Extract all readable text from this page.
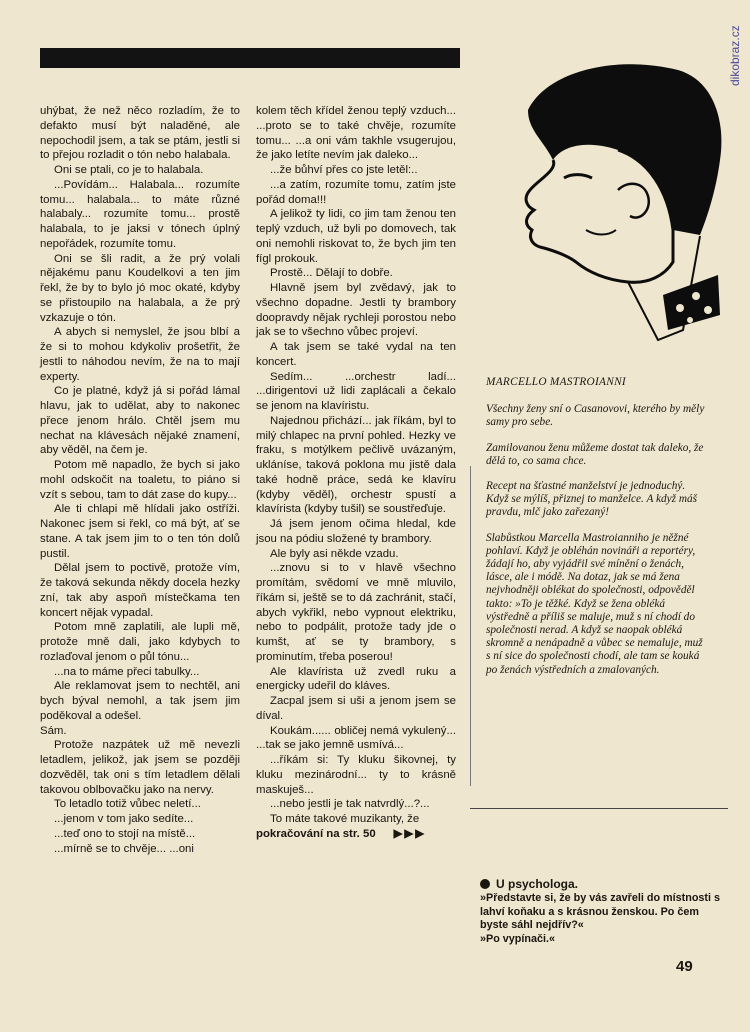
dikobraz.cz

uhýbat, že než něco rozladím, že to defakto musí být naladěné, ale nepochodil jsem, a tak se ptám, jestli si to přejou rozladit o tón nebo halabala.

Oni se ptali, co je to halabala.

...Povídám... Halabala... rozumíte tomu... halabala... to máte různé halabaly... rozumíte tomu... prostě halabala, to je jaksi v tónech úplný nepořádek, rozumíte tomu.

Oni se šli radit, a že prý volali nějakému panu Koudelkovi a ten jim řekl, že by to bylo jó moc okaté, kdyby se přistoupilo na halabala, a že prý vzkazuje o tón.

A abych si nemyslel, že jsou blbí a že si to mohou kdykoliv prošetřit, že jestli to náhodou nevím, že na to mají experty.

Co je platné, když já si pořád lámal hlavu, jak to udělat, aby to nakonec přece jenom hrálo. Chtěl jsem mu nechat na klávesách nějaké znamení, aby věděl, na čem je.

Potom mě napadlo, že bych si jako mohl odskočit na toaletu, to piáno si vzít s sebou, tam to dát zase do kupy...

Ale ti chlapi mě hlídali jako ostříži. Nakonec jsem si řekl, co má být, ať se stane. A tak jsem jim to o ten tón dolů pustil.

Dělal jsem to poctivě, protože vím, že taková sekunda někdy docela hezky zní, tak aby aspoň místečkama ten koncert nějak vypadal.

Potom mně zaplatili, ale lupli mě, protože mně dali, jako kdybych to rozlaďoval jenom o půl tónu...

...na to máme přeci tabulky...

Ale reklamovat jsem to nechtěl, ani bych býval nemohl, a tak jsem jim poděkoval a odešel.

Sám.

Protože nazpátek už mě nevezli letadlem, jelikož, jak jsem se později dozvěděl, tak oni s tím letadlem dělali takovou oblbovačku jako na nervy.

To letadlo totiž vůbec neletí...

...jenom v tom jako sedíte...

...teď ono to stojí na místě...

...mírně se to chvěje... ...oni

kolem těch křídel ženou teplý vzduch... ...proto se to také chvěje, rozumíte tomu... ...a oni vám takhle vsugerujou, že jako letíte nevím jak daleko...

...že bůhví přes co jste letěl:..

...a zatím, rozumíte tomu, zatím jste pořád doma!!!

A jelikož ty lidi, co jim tam ženou ten teplý vzduch, už byli po domovech, tak oni nemohli riskovat to, že bych jim ten fígl prokouk.

Prostě... Dělají to dobře.

Hlavně jsem byl zvědavý, jak to všechno dopadne. Jestli ty brambory doopravdy nějak rychleji porostou nebo jak se to všechno vůbec projeví.

A tak jsem se také vydal na ten koncert.

Sedím... ...orchestr ladí... ...dirigentovi už lidi zaplácali a čekalo se jenom na klavíristu.

Najednou přichází... jak říkám, byl to milý chlapec na první pohled. Hezky ve fraku, s motýlkem pečlivě uvázaným, ukláníse, taková poklona mu jistě dala také hodně práce, sedá ke klavíru (kdyby věděl), orchestr spustí a klavírista (kdyby tušil) se soustřeďuje.

Já jsem jenom očima hledal, kde jsou na pódiu složené ty brambory.

Ale byly asi někde vzadu.

...znovu si to v hlavě všechno promítám, svědomí ve mně mluvilo, říkám si, ještě se to dá zachránit, stačí, abych vykřikl, nebo vypnout elektriku, nebo to podpálit, protože tady jde o kumšt, ať se ty brambory, s prominutím, třeba poserou!

Ale klavírista už zvedl ruku a energicky udeřil do kláves.

Zacpal jsem si uši a jenom jsem se díval.

Koukám...... obličej nemá vykulený... ...tak se jako jemně usmívá...

...říkám si: Ty kluku šikovnej, ty kluku mezinárodní... ty to krásně maskuješ...

...nebo jestli je tak natvrdlý...?...

To máte takové muzikanty, že

pokračování na str. 50 ▶▶▶

MARCELLO MASTROIANNI

Všechny ženy sní o Casanovovi, kterého by měly samy pro sebe.

Zamilovanou ženu můžeme dostat tak daleko, že dělá to, co sama chce.

Recept na šťastné manželství je jednoduchý. Když se mýlíš, přiznej to manželce. A když máš pravdu, mlč jako zařezaný!

Slabůstkou Marcella Mastroianniho je něžné pohlaví. Když je obléhán novináři a reportéry, žádají ho, aby vyjádřil své mínění o ženách, lásce, ale i módě. Na dotaz, jak se má žena nejvhodněji oblékat do společnosti, odpověděl takto: »To je těžké. Když se žena obléká výstředně a příliš se maluje, muž s ní chodí do společnosti nerad. A když se naopak obléká skromně a nenápadně a vůbec se nemaluje, muž s ní sice do společnosti chodí, ale tam se kouká po ženách výstředních a zmalovaných.

U psychologa.
»Představte si, že by vás zavřeli do místnosti s lahví koňaku a s krásnou ženskou. Po čem byste sáhl nejdřív?«
»Po vypínači.«
49
